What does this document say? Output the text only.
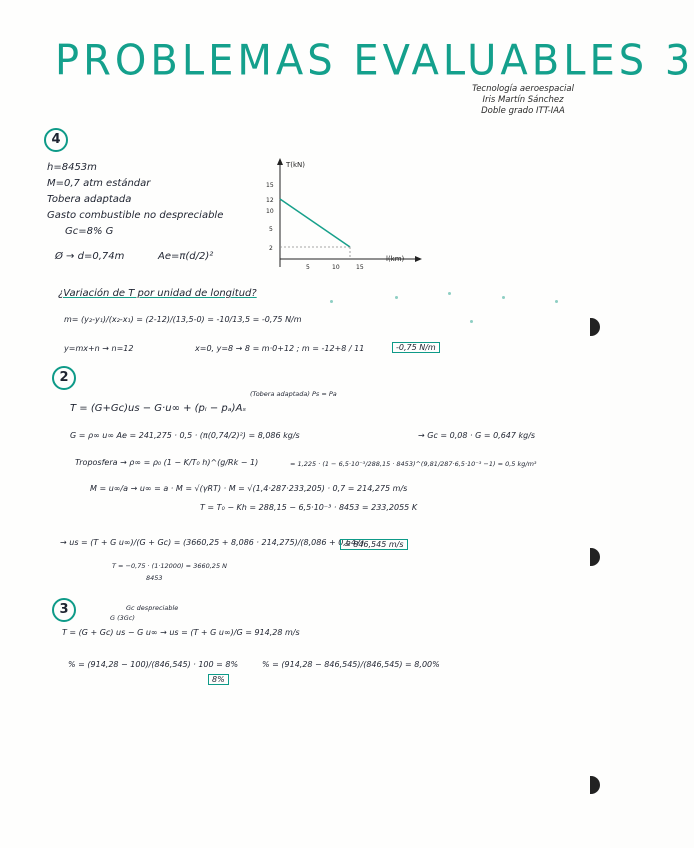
PROBLEMAS EVALUABLES 3
Tecnología aeroespacial
Iris Martín Sánchez
Doble grado ITT-IAA
4
h=8453m
M=0,7 atm estándar
Tobera adaptada
Gasto combustible no despreciable
Gc=8% G
Ø → d=0,74m	Ae=π(d/2)²
T(kN)
l(km)
15
12
10
5
2
5	10	15
¿Variación de T por unidad de longitud?
m= (y₂-y₁)/(x₂-x₁) = (2-12)/(13,5-0) = -10/13,5 = -0,75 N/m
y=mx+n → n=12	x=0, y=8 → 8 = m·0+12 ; m = -12+8 / 11	-0,75 N/m
2
(Tobera adaptada) Ps = Pa
T = (G+Gc)us − G·u∞ + (pᵢ − pₐ)Aₛ
G = ρ∞ u∞ Ae = 241,275 · 0,5 · (π(0,74/2)²) = 8,086 kg/s	→ Gc = 0,08 · G = 0,647 kg/s
Troposfera → ρ∞ = ρ₀ (1 − K/T₀ h)^(g/Rk − 1)	= 1,225 · (1 − 6,5·10⁻³/288,15 · 8453)^(9,81/287·6,5·10⁻³ −1) = 0,5 kg/m³
M = u∞/a → u∞ = a · M = √(γRT) · M = √(1,4·287·233,205) · 0,7 = 214,275 m/s
T = T₀ − Kh = 288,15 − 6,5·10⁻³ · 8453 = 233,2055 K
→ us = (T + G u∞)/(G + Gc) = (3660,25 + 8,086 · 214,275)/(8,086 + 0,647)
= 846,545 m/s
T = −0,75 · (1·12000) = 3660,25 N
8453
3	Gc despreciable
G (3Gc)
T = (G + Gc) us − G u∞ → us = (T + G u∞)/G = 914,28 m/s
% = (914,28 − 100)/(846,545) · 100 = 8%
8%
% = (914,28 − 846,545)/(846,545) = 8,00%
